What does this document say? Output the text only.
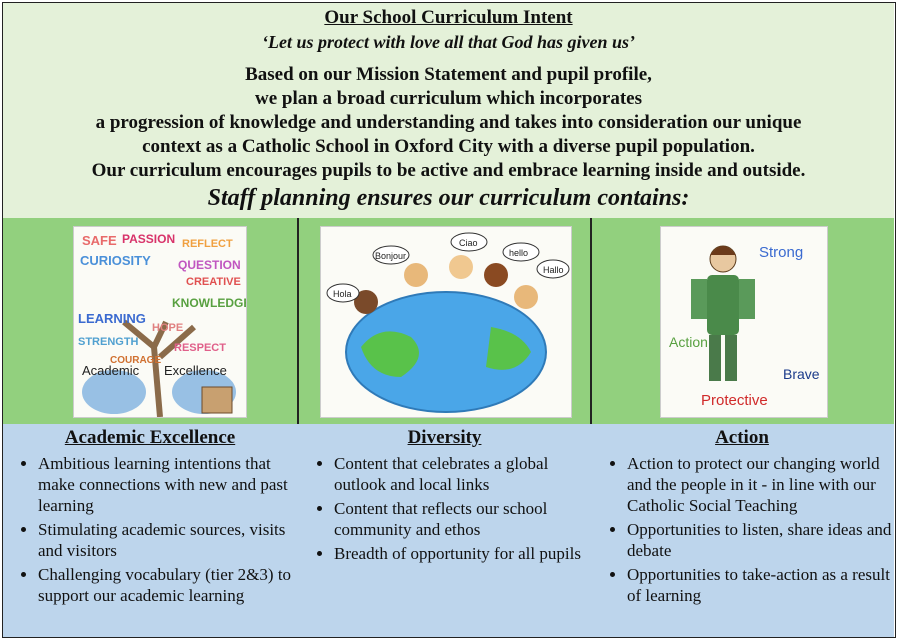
Our School Curriculum Intent
‘Let us protect with love all that God has given us’
Based on our Mission Statement and pupil profile,
we plan a broad curriculum which incorporates
a progression of knowledge and understanding and takes into consideration our unique
context as a Catholic School in Oxford City with a diverse pupil population.
Our curriculum encourages pupils to be active and embrace learning inside and outside.
Staff planning ensures our curriculum contains:
SAFE PASSION REFLECT
CURIOSITY QUESTION
CREATIVE
KNOWLEDGE
LEARNING
HOPE
STRENGTH	RESPECT
COURAGE
Academic Excellence
Hola
Bonjour
Ciao
hello
Hallo
Strong
Action
Brave
Protective
Academic Excellence
• Ambitious learning intentions that make connections with new and past learning
• Stimulating academic sources, visits and visitors
• Challenging vocabulary (tier 2&3) to support our academic learning
Diversity
• Content that celebrates a global outlook and local links
• Content that reflects our school community and ethos
• Breadth of opportunity for all pupils
Action
• Action to protect our changing world and the people in it - in line with our Catholic Social Teaching
• Opportunities to listen, share ideas and debate
• Opportunities to take-action as a result of learning
